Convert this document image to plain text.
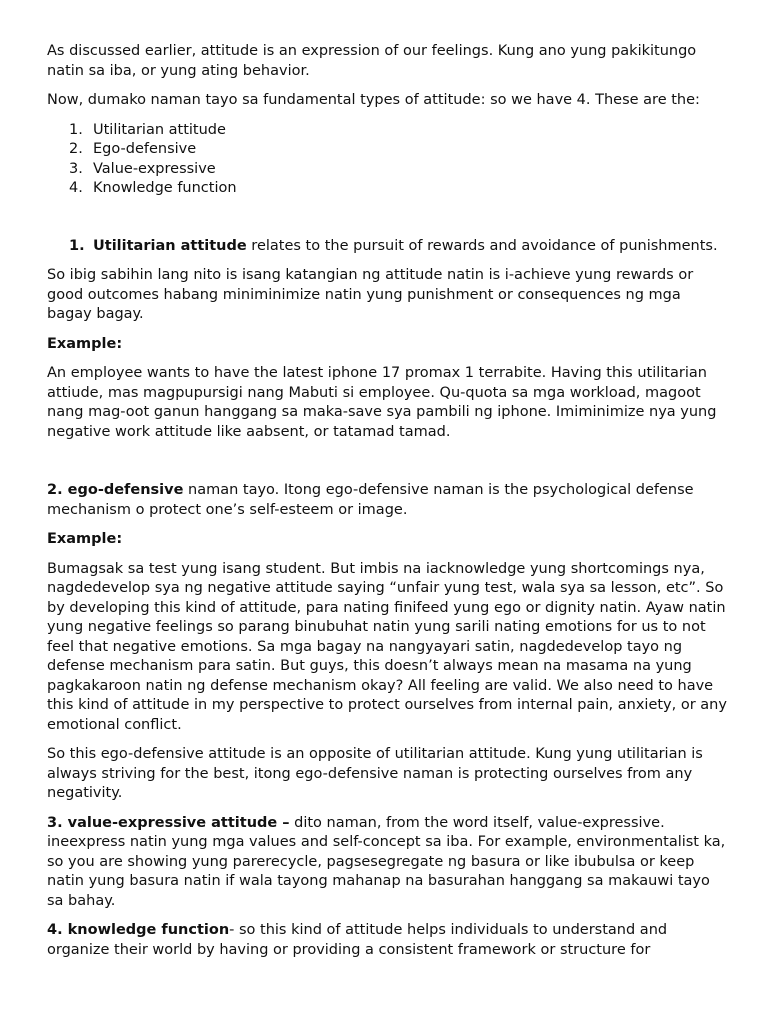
As discussed earlier, attitude is an expression of our feelings. Kung ano yung pakikitungo natin sa iba, or yung ating behavior.

Now, dumako naman tayo sa fundamental types of attitude: so we have 4. These are the:

1. Utilitarian attitude
2. Ego-defensive
3. Value-expressive
4. Knowledge function
1. Utilitarian attitude relates to the pursuit of rewards and avoidance of punishments.

So ibig sabihin lang nito is isang katangian ng attitude natin is i-achieve yung rewards or good outcomes habang miniminimize natin yung punishment or consequences ng mga bagay bagay.

Example:

An employee wants to have the latest iphone 17 promax 1 terrabite. Having this utilitarian attiude, mas magpupursigi nang Mabuti si employee. Qu-quota sa mga workload, magoot nang mag-oot ganun hanggang sa maka-save sya pambili ng iphone. Imiminimize nya yung negative work attitude like aabsent, or tatamad tamad.

2. ego-defensive naman tayo. Itong ego-defensive naman is the psychological defense mechanism o protect one’s self-esteem or image.

Example:

Bumagsak sa test yung isang student. But imbis na iacknowledge yung shortcomings nya, nagdedevelop sya ng negative attitude saying “unfair yung test, wala sya sa lesson, etc”. So by developing this kind of attitude, para nating finifeed yung ego or dignity natin. Ayaw natin yung negative feelings so parang binubuhat natin yung sarili nating emotions for us to not feel that negative emotions. Sa mga bagay na nangyayari satin, nagdedevelop tayo ng defense mechanism para satin. But guys, this doesn’t always mean na masama na yung pagkakaroon natin ng defense mechanism okay? All feeling are valid. We also need to have this kind of attitude in my perspective to protect ourselves from internal pain, anxiety, or any emotional conflict.

So this ego-defensive attitude is an opposite of utilitarian attitude. Kung yung utilitarian is always striving for the best, itong ego-defensive naman is protecting ourselves from any negativity.

3. value-expressive attitude – dito naman, from the word itself, value-expressive. ineexpress natin yung mga values and self-concept sa iba. For example, environmentalist ka, so you are showing yung parerecycle, pagsesegregate ng basura or like ibubulsa or keep natin yung basura natin if wala tayong mahanap na basurahan hanggang sa makauwi tayo sa bahay.

4. knowledge function- so this kind of attitude helps individuals to understand and organize their world by having or providing a consistent framework or structure for
